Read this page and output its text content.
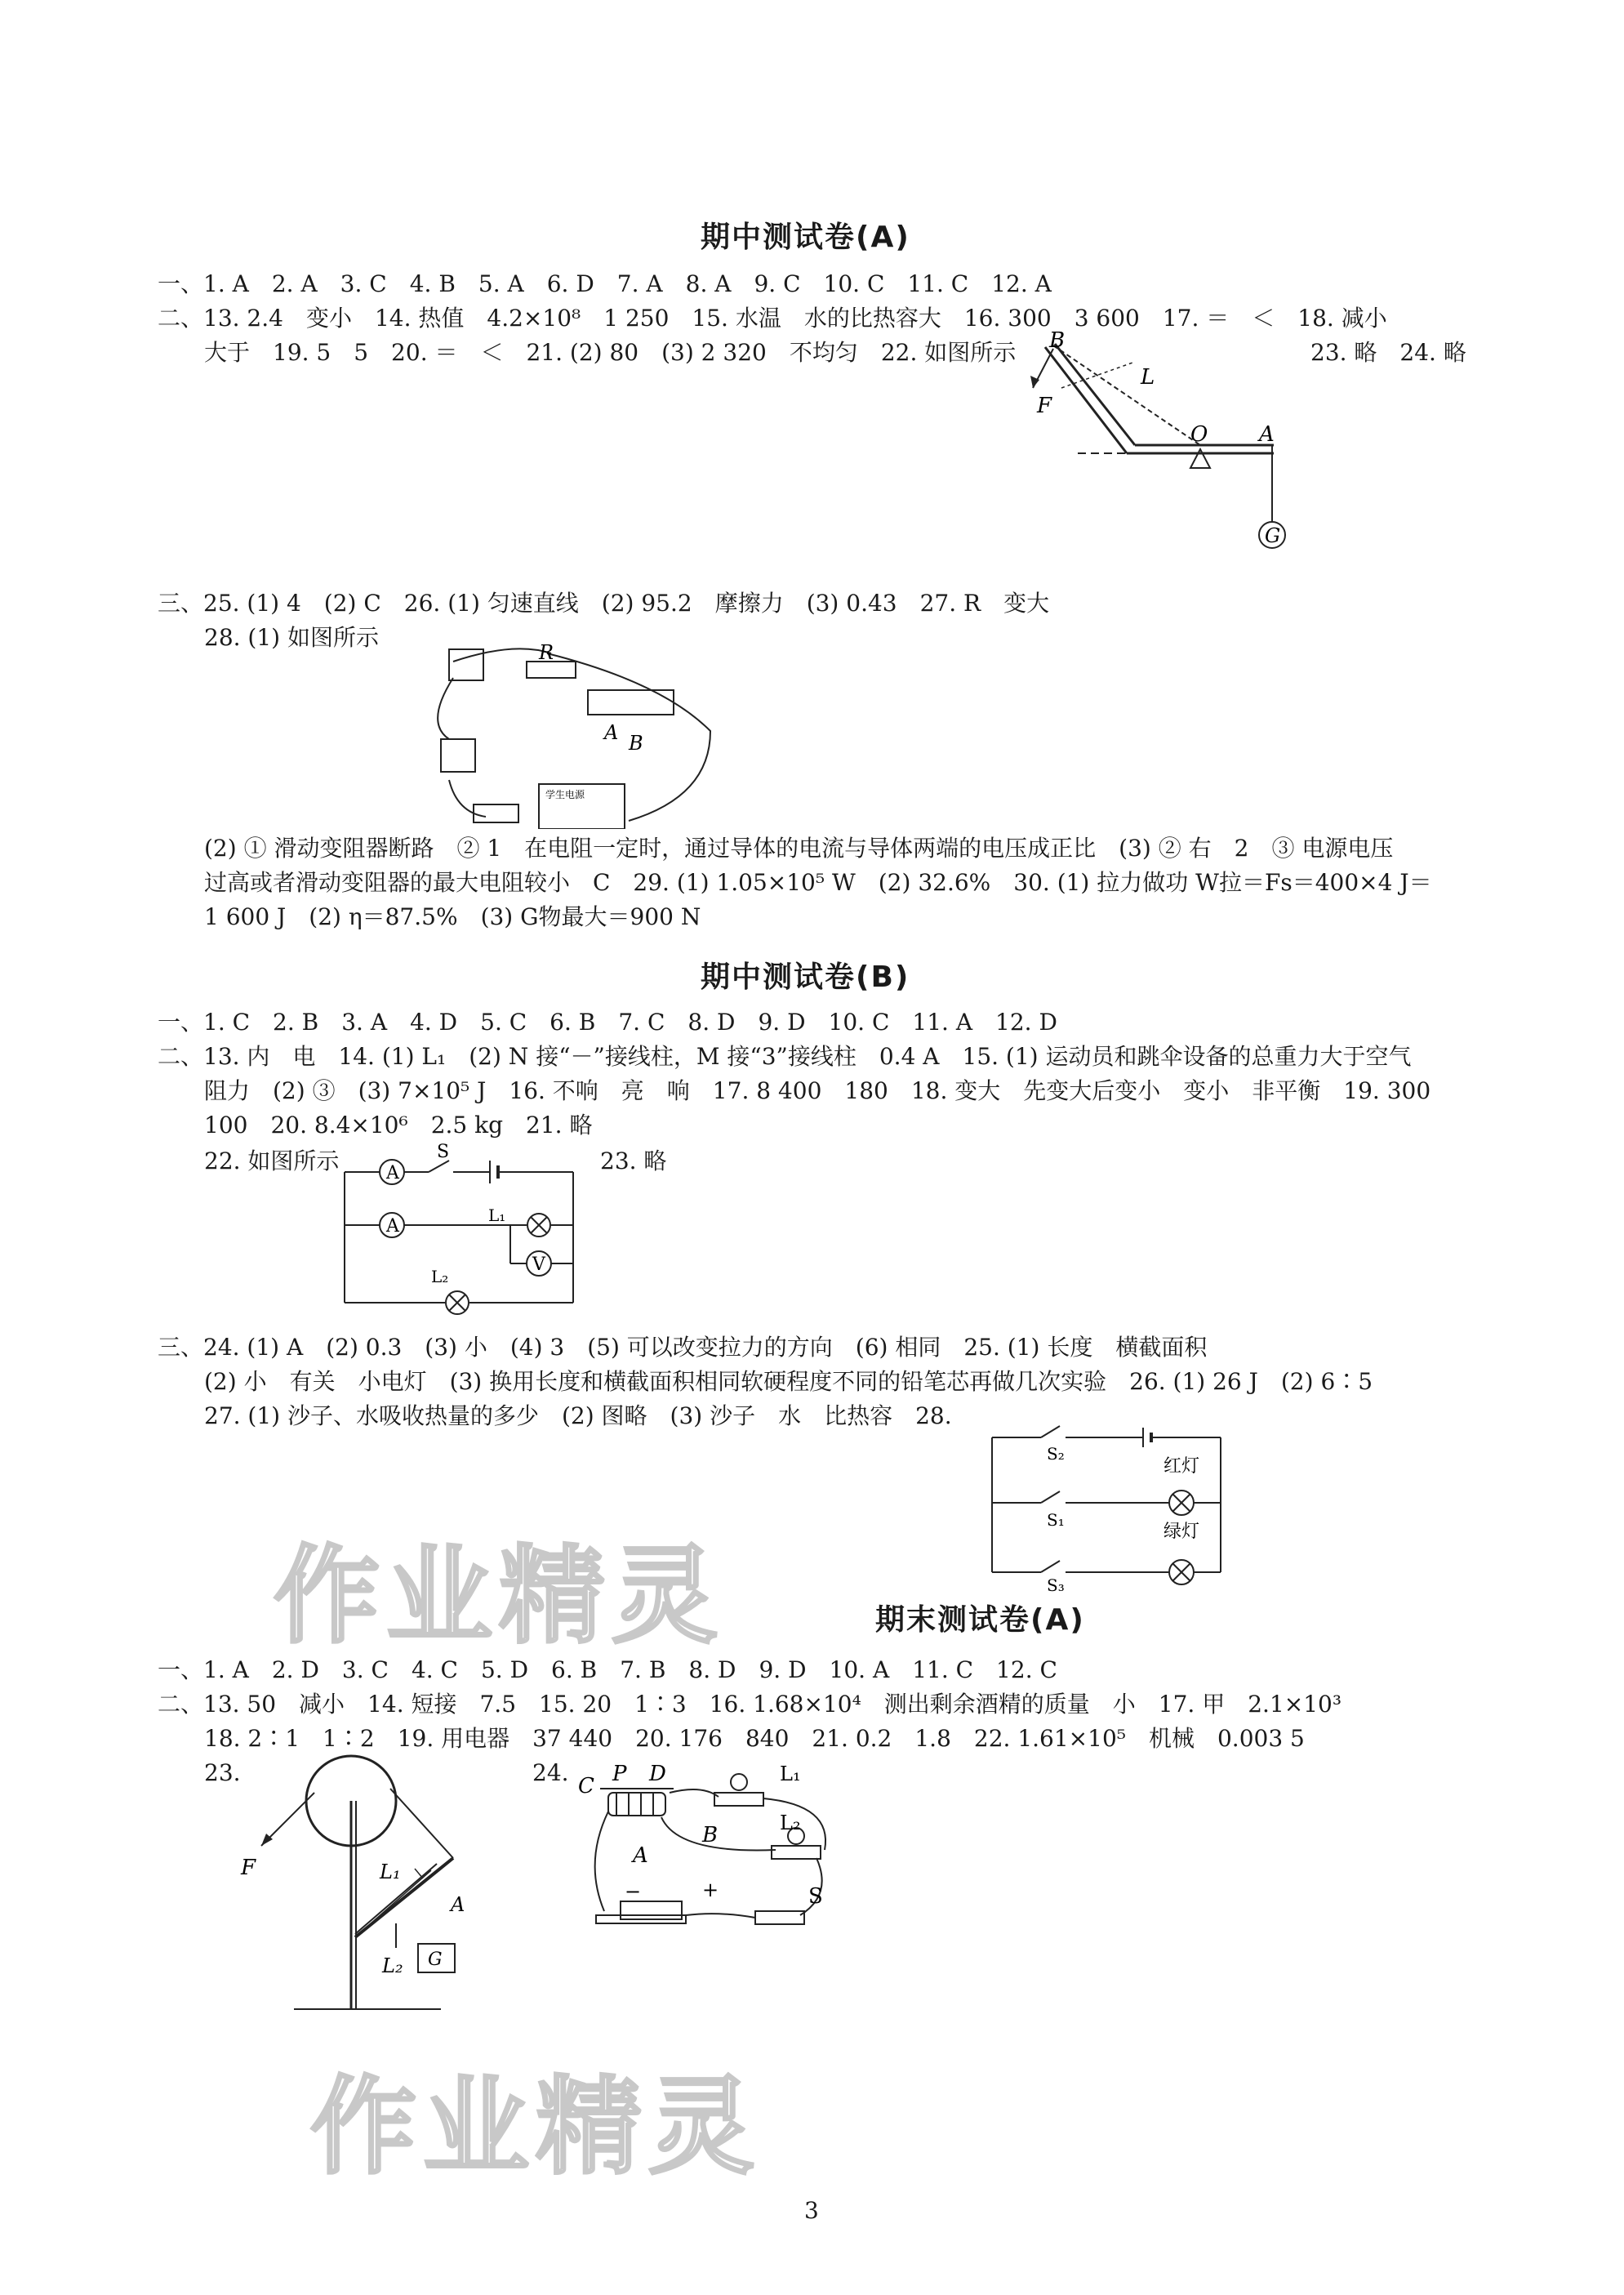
期中测试卷(A)
一、1. A　2. A　3. C　4. B　5. A　6. D　7. A　8. A　9. C　10. C　11. C　12. A
二、13. 2.4　变小　14. 热值　4.2×10⁸　1 250　15. 水温　水的比热容大　16. 300　3 600　17. ＝　＜　18. 减小
大于　19. 5　5　20. ＝　＜　21. (2) 80　(3) 2 320　不均匀　22. 如图所示	23. 略　24. 略
B
L
F
O A
G
三、25. (1) 4　(2) C　26. (1) 匀速直线　(2) 95.2　摩擦力　(3) 0.43　27. R　变大
28. (1) 如图所示
R
A B
学生电源
(2) ① 滑动变阻器断路　② 1　在电阻一定时，通过导体的电流与导体两端的电压成正比　(3) ② 右　2　③ 电源电压
过高或者滑动变阻器的最大电阻较小　C　29. (1) 1.05×10⁵ W　(2) 32.6%　30. (1) 拉力做功 W拉＝Fs＝400×4 J＝
1 600 J　(2) η＝87.5%　(3) G物最大＝900 N
期中测试卷(B)
一、1. C　2. B　3. A　4. D　5. C　6. B　7. C　8. D　9. D　10. C　11. A　12. D
二、13. 内　电　14. (1) L₁　(2) N 接“－”接线柱，M 接“3”接线柱　0.4 A　15. (1) 运动员和跳伞设备的总重力大于空气
阻力　(2) ③　(3) 7×10⁵ J　16. 不响　亮　响　17. 8 400　180　18. 变大　先变大后变小　变小　非平衡　19. 300
100　20. 8.4×10⁶　2.5 kg　21. 略
22. 如图所示	23. 略
A
S
A
L₁
V
L₂
三、24. (1) A　(2) 0.3　(3) 小　(4) 3　(5) 可以改变拉力的方向　(6) 相同　25. (1) 长度　横截面积
(2) 小　有关　小电灯　(3) 换用长度和横截面积相同软硬程度不同的铅笔芯再做几次实验　26. (1) 26 J　(2) 6∶5
27. (1) 沙子、水吸收热量的多少　(2) 图略　(3) 沙子　水　比热容　28.
S₂
红灯
S₁
绿灯
S₃
作业精灵	期末测试卷(A)
一、1. A　2. D　3. C　4. C　5. D　6. B　7. B　8. D　9. D　10. A　11. C　12. C
二、13. 50　减小　14. 短接　7.5　15. 20　1∶3　16. 1.68×10⁴　测出剩余酒精的质量　小　17. 甲　2.1×10³
18. 2∶1　1∶2　19. 用电器　37 440　20. 176　840　21. 0.2　1.8　22. 1.61×10⁵　机械　0.003 5
23.	24.
F	L₁
A
L₂ G
C P D	L₁
A
B	L₂
−	+	S
作业精灵
3
